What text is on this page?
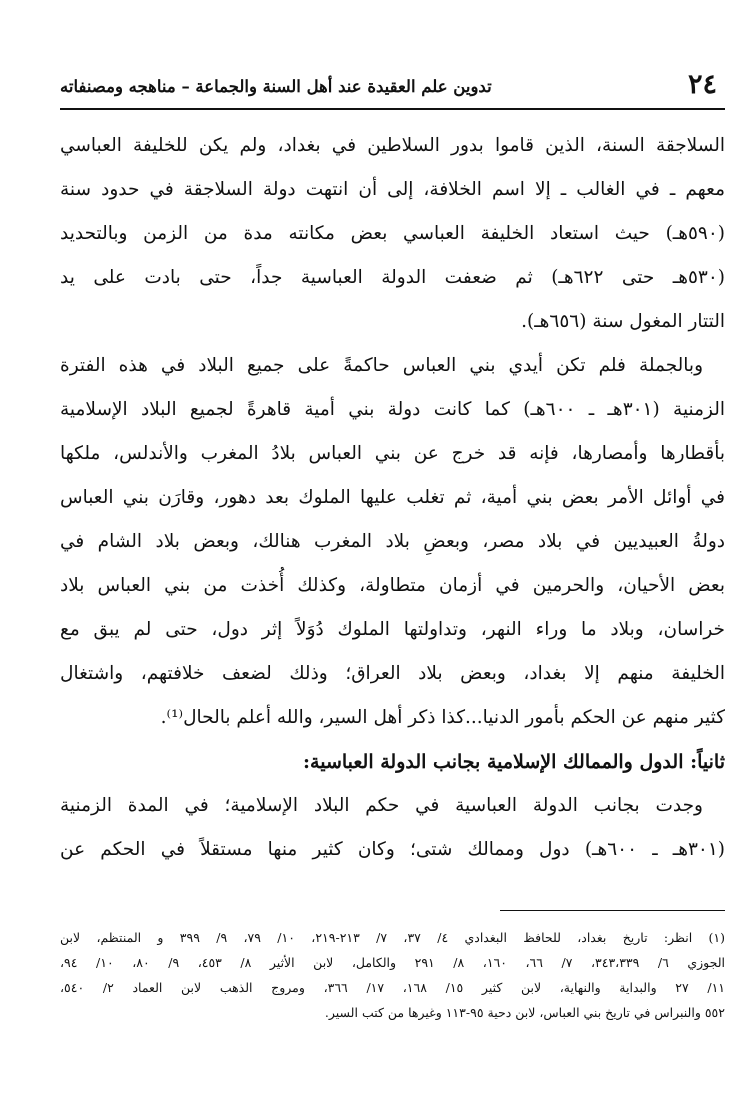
٢٤
تدوين علم العقيدة عند أهل السنة والجماعة – مناهجه ومصنفاته
السلاجقة السنة، الذين قاموا بدور السلاطين في بغداد، ولم يكن للخليفة العباسي
معهم ـ في الغالب ـ إلا اسم الخلافة، إلى أن انتهت دولة السلاجقة في حدود سنة
(٥٩٠هـ) حيث استعاد الخليفة العباسي بعض مكانته مدة من الزمن وبالتحديد
(٥٣٠هـ حتى ٦٢٢هـ) ثم ضعفت الدولة العباسية جداً، حتى بادت على يد
التتار المغول سنة (٦٥٦هـ).
وبالجملة فلم تكن أيدي بني العباس حاكمةً على جميع البلاد في هذه الفترة
الزمنية (٣٠١هـ ـ ٦٠٠هـ) كما كانت دولة بني أمية قاهرةً لجميع البلاد الإسلامية
بأقطارها وأمصارها، فإنه قد خرج عن بني العباس بلادُ المغرب والأندلس، ملكها
في أوائل الأمر بعض بني أمية، ثم تغلب عليها الملوك بعد دهور، وقارَن بني العباس
دولةُ العبيديين في بلاد مصر، وبعضِ بلاد المغرب هنالك، وبعض بلاد الشام في
بعض الأحيان، والحرمين في أزمان متطاولة، وكذلك أُخذت من بني العباس بلاد
خراسان، وبلاد ما وراء النهر، وتداولتها الملوك دُوَلاً إثر دول، حتى لم يبق مع
الخليفة منهم إلا بغداد، وبعض بلاد العراق؛ وذلك لضعف خلافتهم، واشتغال
كثير منهم عن الحكم بأمور الدنيا...كذا ذكر أهل السير، والله أعلم بالحال⁽¹⁾.
ثانياً: الدول والممالك الإسلامية بجانب الدولة العباسية:
وجدت بجانب الدولة العباسية في حكم البلاد الإسلامية؛ في المدة الزمنية
(٣٠١هـ ـ ٦٠٠هـ) دول وممالك شتى؛ وكان كثير منها مستقلاً في الحكم عن
(١) انظر: تاريخ بغداد، للحافظ البغدادي ٤/ ٣٧، ٧/ ٢١٣-٢١٩، ١٠/ ٧٩، ٩/ ٣٩٩ و المنتظم، لابن
الجوزي ٦/ ٣٤٣،٣٣٩، ٧/ ٦٦، ١٦٠، ٨/ ٢٩١ والكامل، لابن الأثير ٨/ ٤٥٣، ٩/ ٨٠، ١٠/ ٩٤،
١١/ ٢٧ والبداية والنهاية، لابن كثير ١٥/ ١٦٨، ١٧/ ٣٦٦، ومروج الذهب لابن العماد ٢/ ٥٤٠،
٥٥٢ والنبراس في تاريخ بني العباس، لابن دحية ٩٥-١١٣ وغيرها من كتب السير.
